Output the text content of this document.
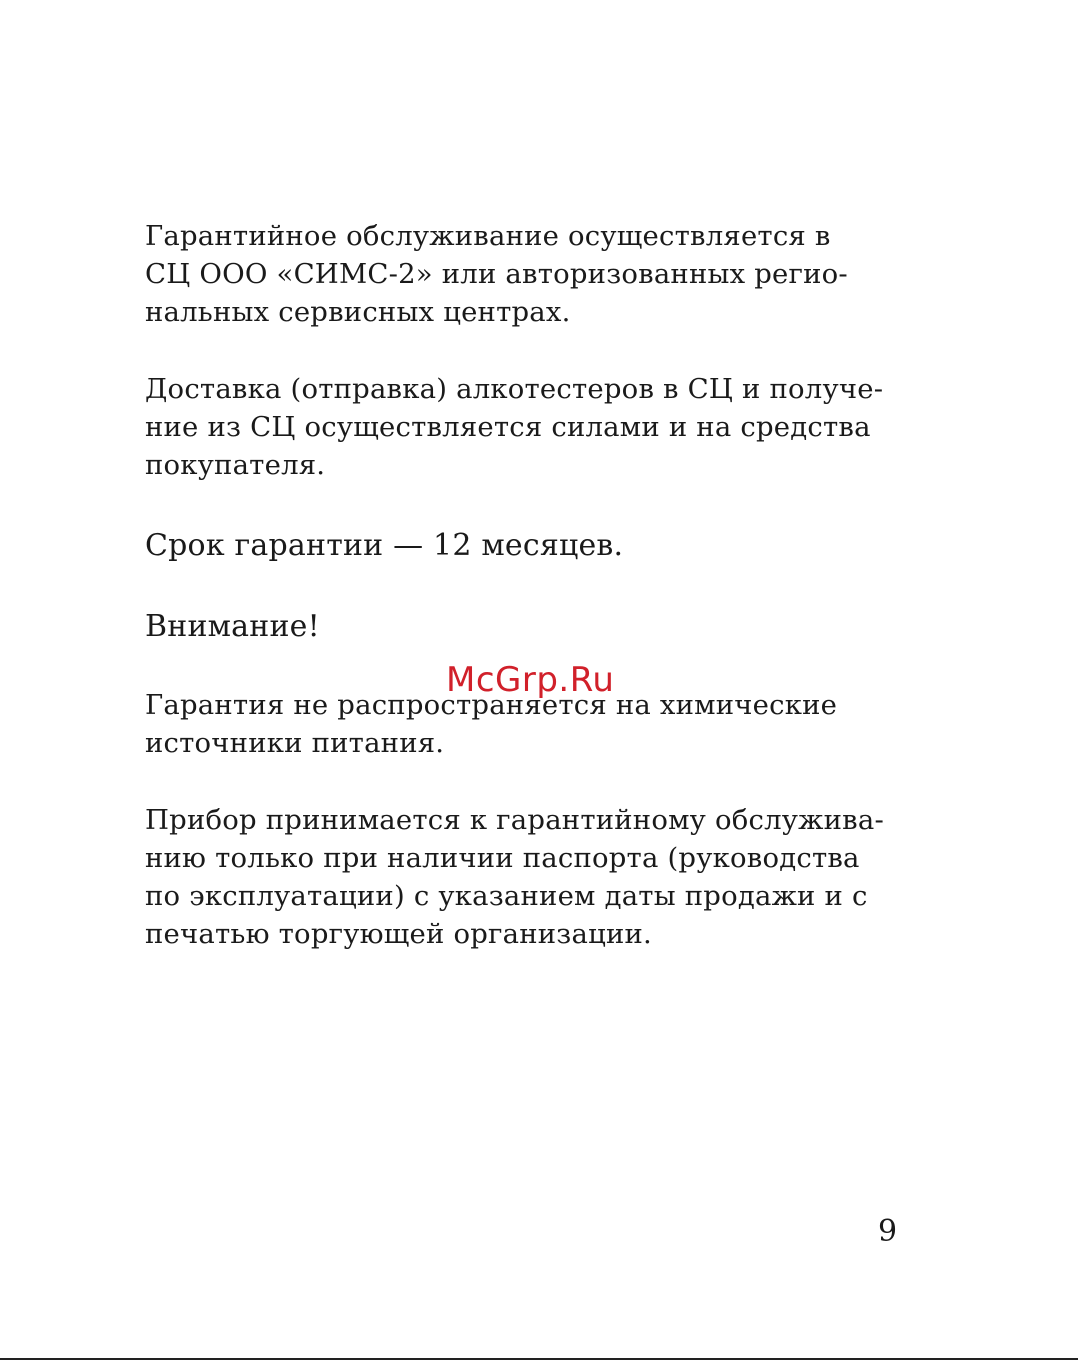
Гарантийное обслуживание осуществляется в
СЦ ООО «СИМС-2» или авторизованных регио-
нальных сервисных центрах.
Доставка (отправка) алкотестеров в СЦ и получе-
ние из СЦ осуществляется силами и на средства
покупателя.
Срок гарантии — 12 месяцев.
Внимание!
Гарантия не распространяется на химические
источники питания.
Прибор принимается к гарантийному обслужива-
нию только при наличии паспорта (руководства
по эксплуатации) с указанием даты продажи и с
печатью торгующей организации.
McGrp.Ru
9
